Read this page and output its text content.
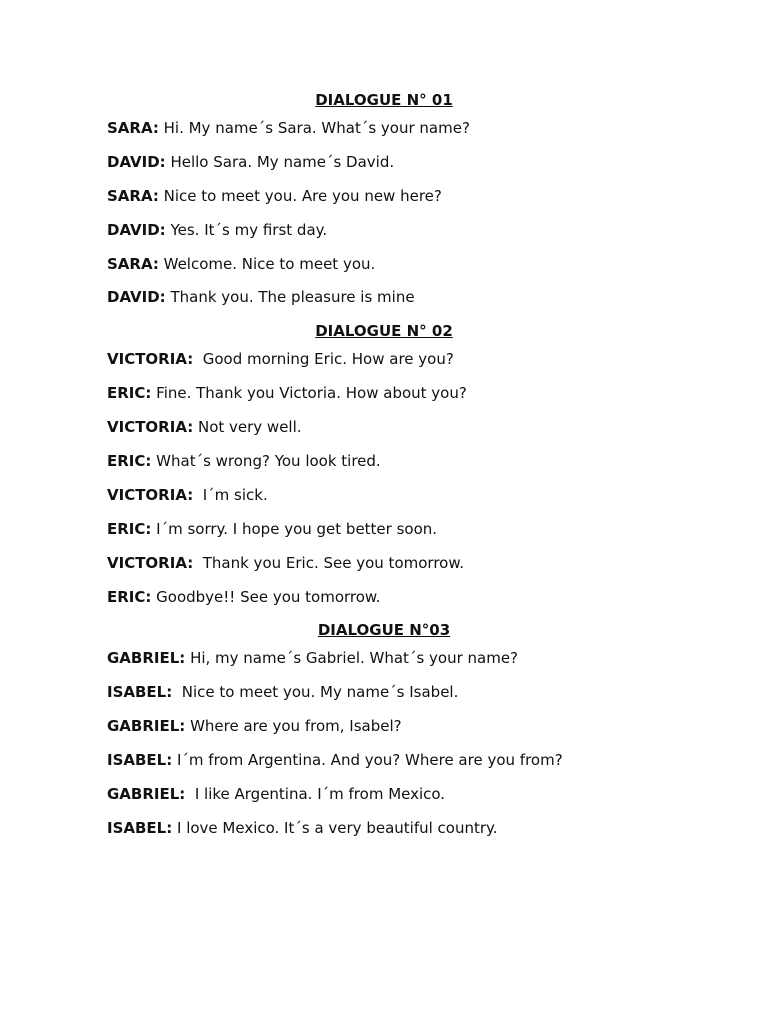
DIALOGUE N° 01
SARA: Hi. My name´s Sara. What´s your name?
DAVID: Hello Sara. My name´s David.
SARA: Nice to meet you. Are you new here?
DAVID: Yes. It´s my first day.
SARA: Welcome. Nice to meet you.
DAVID: Thank you. The pleasure is mine
DIALOGUE N° 02
VICTORIA:  Good morning Eric. How are you?
ERIC: Fine. Thank you Victoria. How about you?
VICTORIA: Not very well.
ERIC: What´s wrong? You look tired.
VICTORIA:  I´m sick.
ERIC: I´m sorry. I hope you get better soon.
VICTORIA:  Thank you Eric. See you tomorrow.
ERIC: Goodbye!! See you tomorrow.
DIALOGUE N°03
GABRIEL: Hi, my name´s Gabriel. What´s your name?
ISABEL:  Nice to meet you. My name´s Isabel.
GABRIEL: Where are you from, Isabel?
ISABEL: I´m from Argentina. And you? Where are you from?
GABRIEL:  I like Argentina. I´m from Mexico.
ISABEL: I love Mexico. It´s a very beautiful country.
